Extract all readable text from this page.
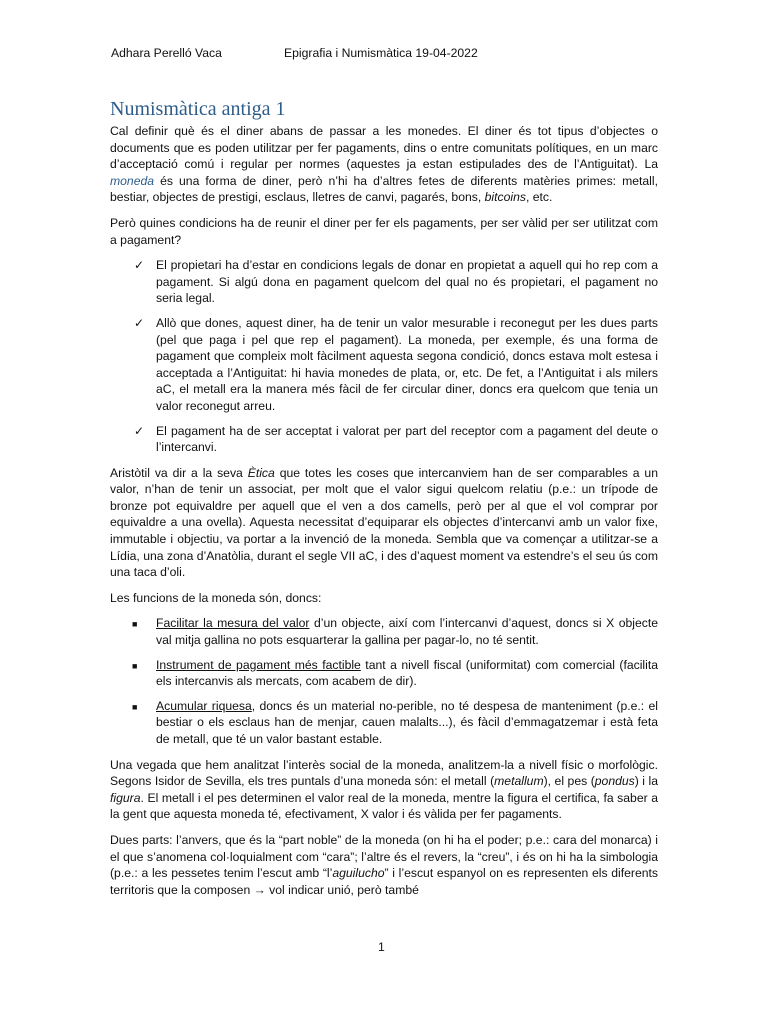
Adhara Perelló Vaca	Epigrafia i Numismàtica 19-04-2022
Numismàtica antiga 1

Cal definir què és el diner abans de passar a les monedes. El diner és tot tipus d’objectes o documents que es poden utilitzar per fer pagaments, dins o entre comunitats polítiques, en un marc d’acceptació comú i regular per normes (aquestes ja estan estipulades des de l’Antiguitat). La moneda és una forma de diner, però n’hi ha d’altres fetes de diferents matèries primes: metall, bestiar, objectes de prestigi, esclaus, lletres de canvi, pagarés, bons, bitcoins, etc.

Però quines condicions ha de reunir el diner per fer els pagaments, per ser vàlid per ser utilitzat com a pagament?

✓ El propietari ha d’estar en condicions legals de donar en propietat a aquell qui ho rep com a pagament. Si algú dona en pagament quelcom del qual no és propietari, el pagament no seria legal.
✓ Allò que dones, aquest diner, ha de tenir un valor mesurable i reconegut per les dues parts (pel que paga i pel que rep el pagament). La moneda, per exemple, és una forma de pagament que compleix molt fàcilment aquesta segona condició, doncs estava molt estesa i acceptada a l’Antiguitat: hi havia monedes de plata, or, etc. De fet, a l’Antiguitat i als milers aC, el metall era la manera més fàcil de fer circular diner, doncs era quelcom que tenia un valor reconegut arreu.
✓ El pagament ha de ser acceptat i valorat per part del receptor com a pagament del deute o l’intercanvi.

Aristòtil va dir a la seva Ètica que totes les coses que intercanviem han de ser comparables a un valor, n’han de tenir un associat, per molt que el valor sigui quelcom relatiu (p.e.: un trípode de bronze pot equivaldre per aquell que el ven a dos camells, però per al que el vol comprar por equivaldre a una ovella). Aquesta necessitat d’equiparar els objectes d’intercanvi amb un valor fixe, immutable i objectiu, va portar a la invenció de la moneda. Sembla que va començar a utilitzar-se a Lídia, una zona d’Anatòlia, durant el segle VII aC, i des d’aquest moment va estendre’s el seu ús com una taca d’oli.

Les funcions de la moneda són, doncs:

■ Facilitar la mesura del valor d’un objecte, així com l’intercanvi d’aquest, doncs si X objecte val mitja gallina no pots esquarterar la gallina per pagar-lo, no té sentit.
■ Instrument de pagament més factible tant a nivell fiscal (uniformitat) com comercial (facilita els intercanvis als mercats, com acabem de dir).
■ Acumular riquesa, doncs és un material no-perible, no té despesa de manteniment (p.e.: el bestiar o els esclaus han de menjar, cauen malalts...), és fàcil d’emmagatzemar i està feta de metall, que té un valor bastant estable.

Una vegada que hem analitzat l’interès social de la moneda, analitzem-la a nivell físic o morfològic. Segons Isidor de Sevilla, els tres puntals d’una moneda són: el metall (metallum), el pes (pondus) i la figura. El metall i el pes determinen el valor real de la moneda, mentre la figura el certifica, fa saber a la gent que aquesta moneda té, efectivament, X valor i és vàlida per fer pagaments.

Dues parts: l’anvers, que és la “part noble” de la moneda (on hi ha el poder; p.e.: cara del monarca) i el que s’anomena col·loquialment com “cara”; l’altre és el revers, la “creu”, i és on hi ha la simbologia (p.e.: a les pessetes tenim l’escut amb “l’aguilucho” i l’escut espanyol on es representen els diferents territoris que la composen → vol indicar unió, però també

1
